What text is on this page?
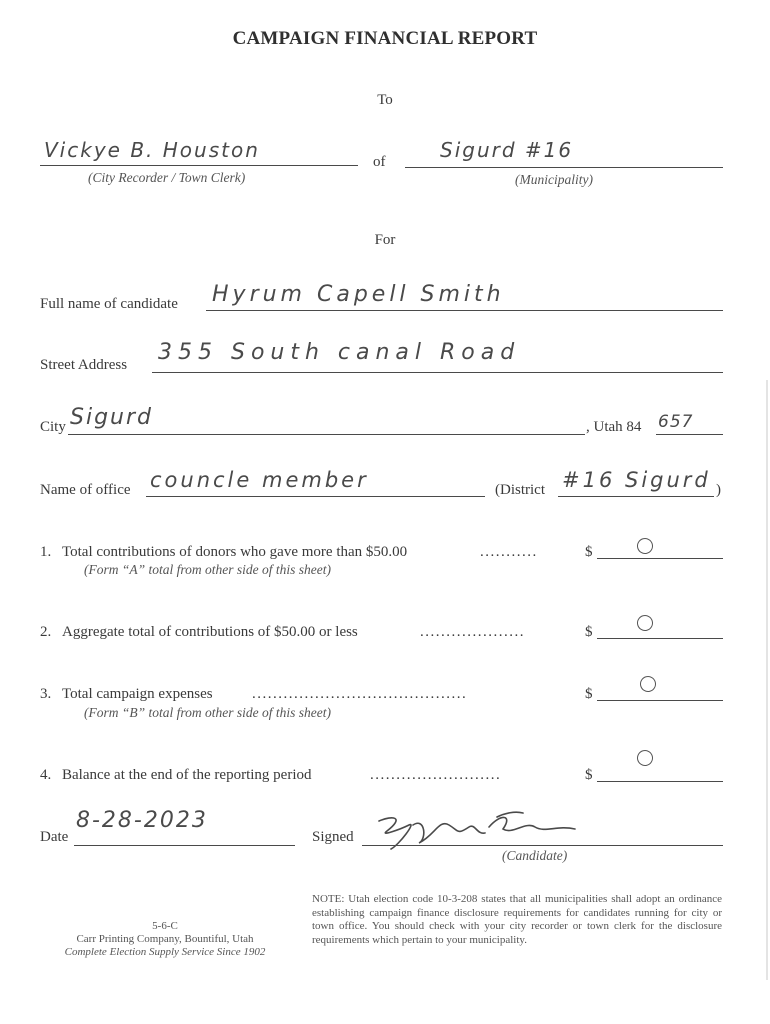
CAMPAIGN FINANCIAL REPORT
To
Vickye B. Houston
(City Recorder / Town Clerk)
of	Sigurd #16
(Municipality)
For
Full name of candidate Hyrum Capell Smith
Street Address 355 South canal Road
City Sigurd	, Utah 84 657
Name of office councle member	(District #16 Sigurd )
1. Total contributions of donors who gave more than $50.00	...........	$
(Form “A” total from other side of this sheet)
2. Aggregate total of contributions of $50.00 or less	....................	$
3. Total campaign expenses	.........................................	$
(Form “B” total from other side of this sheet)
4. Balance at the end of the reporting period	.........................	$
Date
8-28-2023
Signed
(Candidate)
5-6-C
Carr Printing Company, Bountiful, Utah
Complete Election Supply Service Since 1902
NOTE: Utah election code 10-3-208 states that all municipalities shall adopt an ordinance establishing campaign finance disclosure requirements for candidates running for city or town office. You should check with your city recorder or town clerk for the disclosure requirements which pertain to your municipality.
